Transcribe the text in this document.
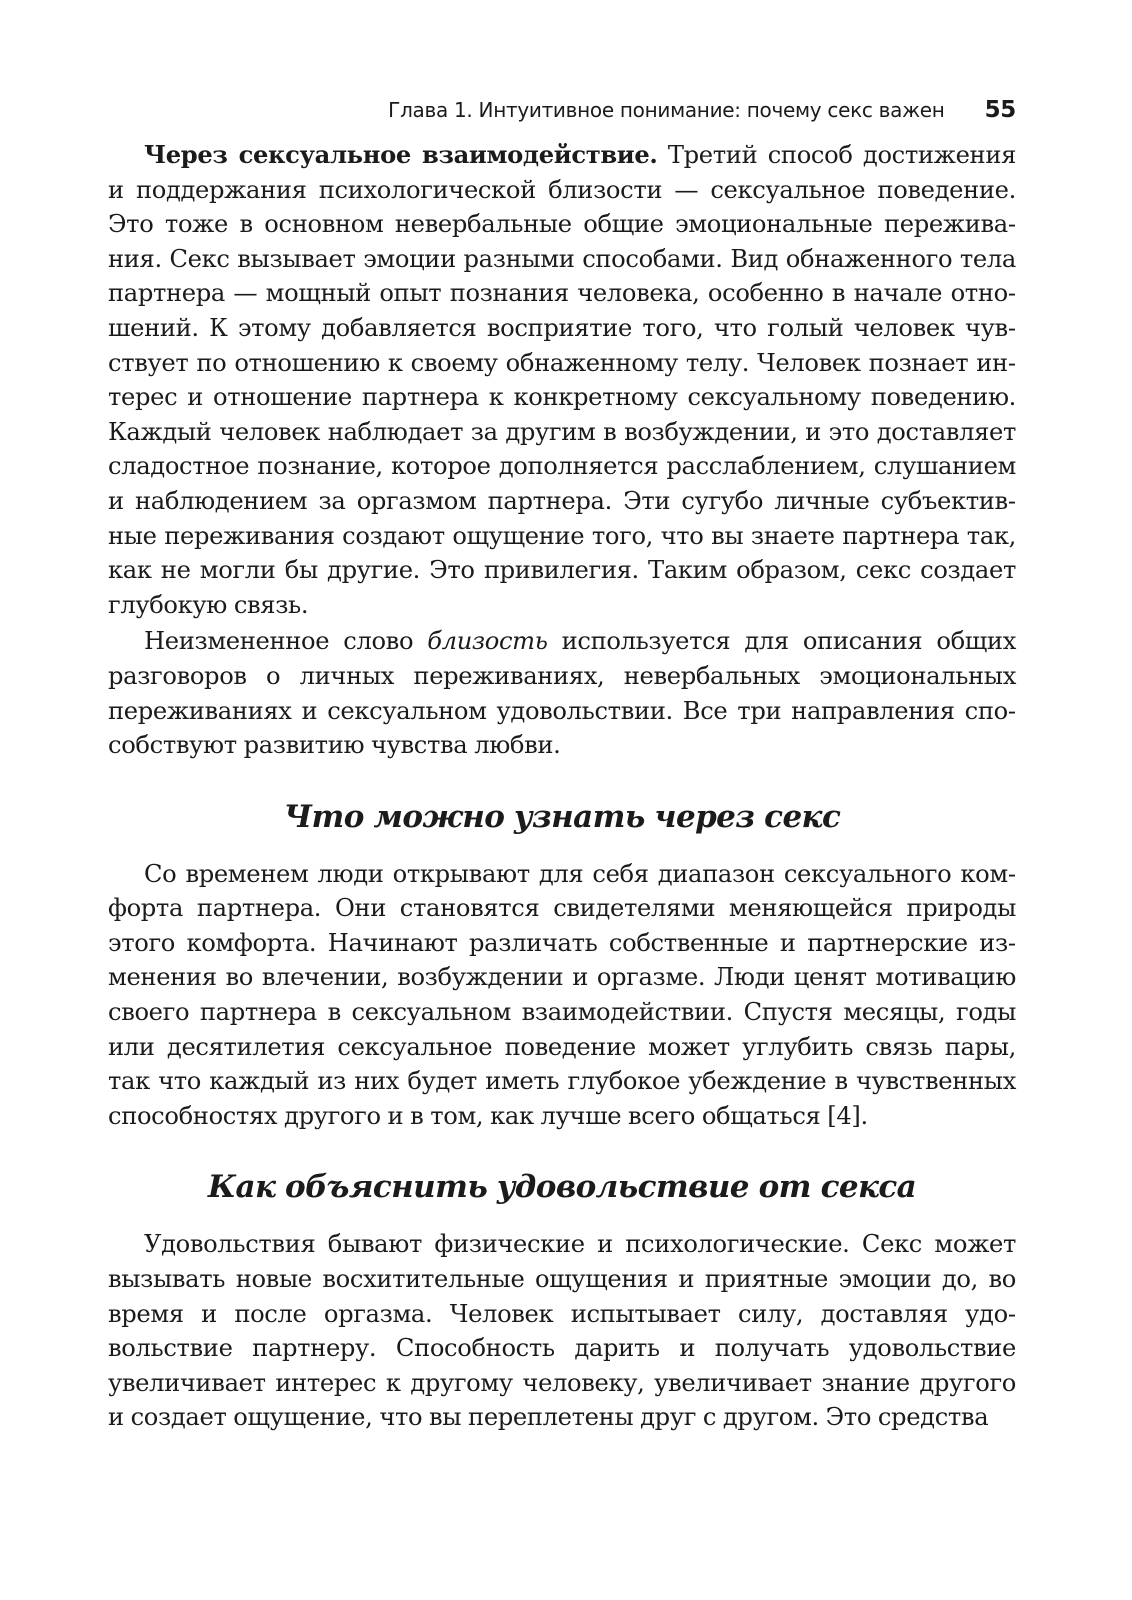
Глава 1. Интуитивное понимание: почему секс важен 55

Через сексуальное взаимодействие. Третий способ достижения и поддержания психологической близости — сексуальное поведение. Это тоже в основном невербальные общие эмоциональные переживания. Секс вызывает эмоции разными способами. Вид обнаженного тела партнера — мощный опыт познания человека, особенно в начале отношений. К этому добавляется восприятие того, что голый человек чувствует по отношению к своему обнаженному телу. Человек познает интерес и отношение партнера к конкретному сексуальному поведению. Каждый человек наблюдает за другим в возбуждении, и это доставляет сладостное познание, которое дополняется расслаблением, слушанием и наблюдением за оргазмом партнера. Эти сугубо личные субъективные переживания создают ощущение того, что вы знаете партнера так, как не могли бы другие. Это привилегия. Таким образом, секс создает глубокую связь.

Неизмененное слово близость используется для описания общих разговоров о личных переживаниях, невербальных эмоциональных переживаниях и сексуальном удовольствии. Все три направления способствуют развитию чувства любви.

Что можно узнать через секс

Со временем люди открывают для себя диапазон сексуального комфорта партнера. Они становятся свидетелями меняющейся природы этого комфорта. Начинают различать собственные и партнерские изменения во влечении, возбуждении и оргазме. Люди ценят мотивацию своего партнера в сексуальном взаимодействии. Спустя месяцы, годы или десятилетия сексуальное поведение может углубить связь пары, так что каждый из них будет иметь глубокое убеждение в чувственных способностях другого и в том, как лучше всего общаться [4].

Как объяснить удовольствие от секса

Удовольствия бывают физические и психологические. Секс может вызывать новые восхитительные ощущения и приятные эмоции до, во время и после оргазма. Человек испытывает силу, доставляя удовольствие партнеру. Способность дарить и получать удовольствие увеличивает интерес к другому человеку, увеличивает знание другого и создает ощущение, что вы переплетены друг с другом. Это средства
